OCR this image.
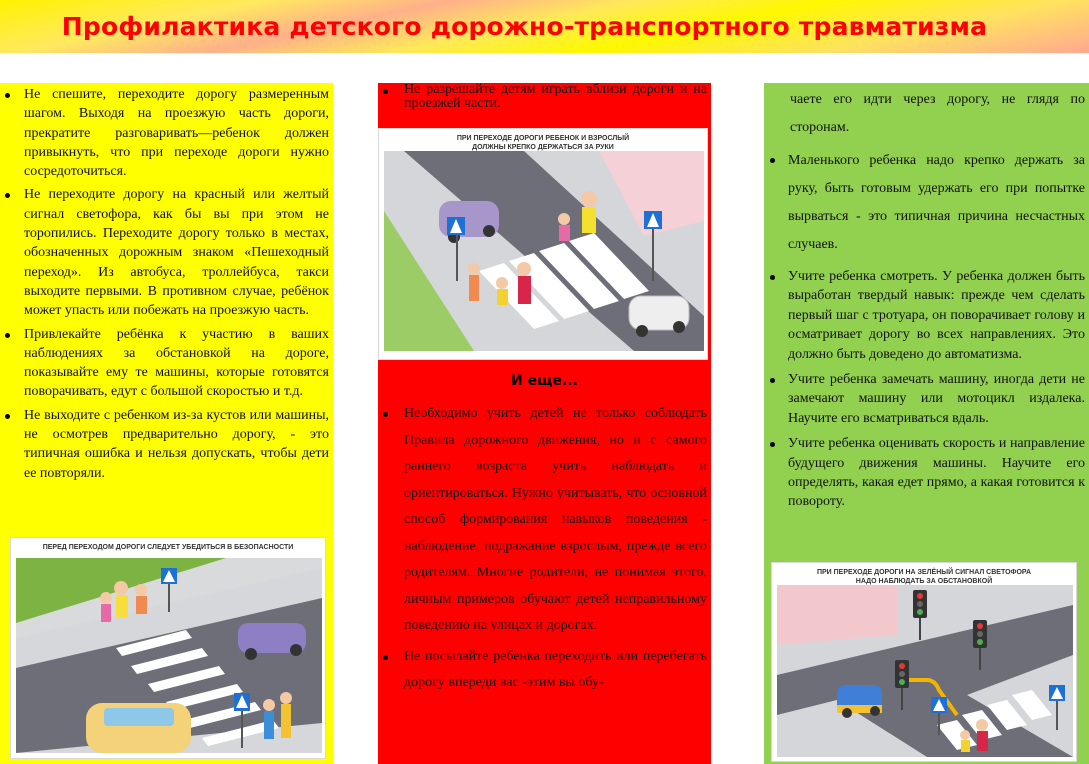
Профилактика детского дорожно-транспортного травматизма
Не спешите, переходите дорогу размеренным шагом. Выходя на проезжую часть дороги, прекратите разговаривать—ребенок должен привыкнуть, что при переходе дороги нужно сосредоточиться.
Не переходите дорогу на красный или желтый сигнал светофора, как бы вы при этом не торопились. Переходите дорогу только в местах, обозначенных дорожным знаком «Пешеходный переход». Из автобуса, троллейбуса, такси выходите первыми. В противном случае, ребёнок может упасть или побежать на проезжую часть.
Привлекайте ребёнка к участию в ваших наблюдениях за обстановкой на дороге, показывайте ему те машины, которые готовятся поворачивать, едут с большой скоростью и т.д.
Не выходите с ребенком из-за кустов или машины, не осмотрев предварительно дорогу, - это типичная ошибка и нельзя допускать, чтобы дети ее повторяли.
ПЕРЕД ПЕРЕХОДОМ ДОРОГИ СЛЕДУЕТ УБЕДИТЬСЯ В БЕЗОПАСНОСТИ
Не разрешайте детям играть вблизи дороги и на проезжей части.
И еще...
Необходимо учить детей не только соблюдать Правила дорожного движения, но и с самого раннего возраста учить наблюдать и ориентироваться. Нужно учитывать, что основной способ формирования навыков поведения - наблюдение, подражание взрослым, прежде всего родителям. Многие родители, не понимая этого, личным примеров обучают детей неправильному поведению на улицах и дорогах.
Не посылайте ребенка переходить или перебегать дорогу впереди вас -этим вы обу-
ПРИ ПЕРЕХОДЕ ДОРОГИ РЕБЕНОК И ВЗРОСЛЫЙ
ДОЛЖНЫ КРЕПКО ДЕРЖАТЬСЯ ЗА РУКИ
чаете его идти через дорогу, не глядя по сторонам.
Маленького ребенка надо крепко держать за руку, быть готовым удержать его при попытке вырваться - это типичная причина несчастных случаев.
Учите ребенка смотреть. У ребенка должен быть выработан твердый навык: прежде чем сделать первый шаг с тротуара, он поворачивает голову и осматривает дорогу во всех направлениях. Это должно быть доведено до автоматизма.
Учите ребенка замечать машину, иногда дети не замечают машину или мотоцикл издалека. Научите его всматриваться вдаль.
Учите ребенка оценивать скорость и направление будущего движения машины. Научите его определять, какая едет прямо, а какая готовится к повороту.
ПРИ ПЕРЕХОДЕ ДОРОГИ НА ЗЕЛЁНЫЙ СИГНАЛ СВЕТОФОРА
НАДО НАБЛЮДАТЬ ЗА ОБСТАНОВКОЙ
